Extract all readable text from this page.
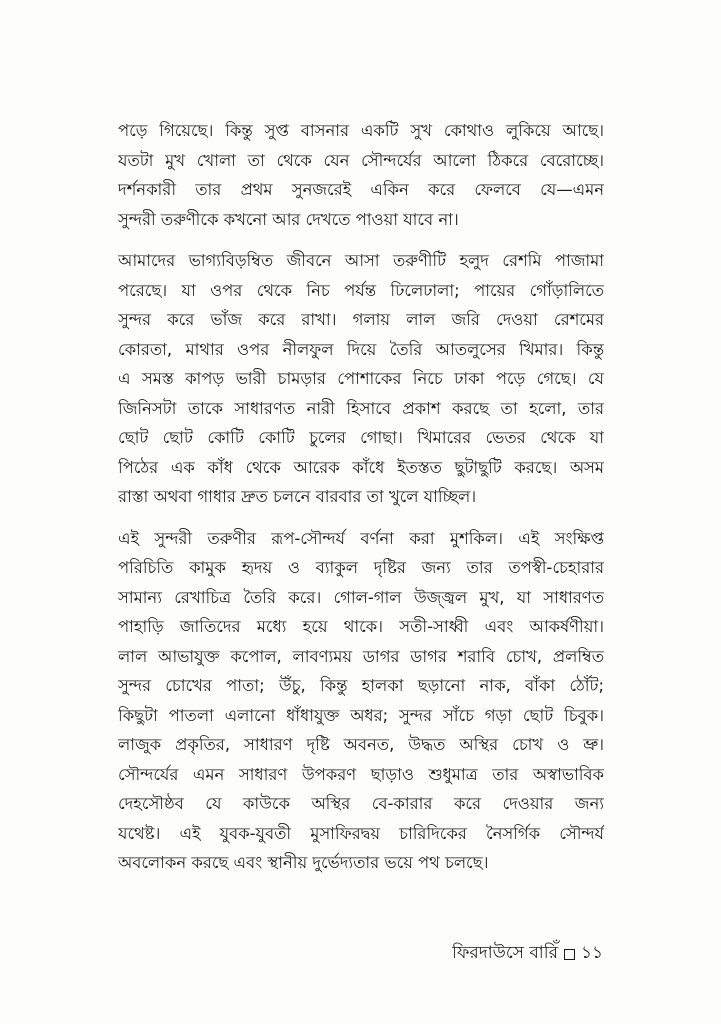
পড়ে গিয়েছে। কিন্তু সুপ্ত বাসনার একটি সুখ কোথাও লুকিয়ে আছে।
যতটা মুখ খোলা তা থেকে যেন সৌন্দর্যের আলো ঠিকরে বেরোচ্ছে।
দর্শনকারী তার প্রথম সুনজরেই একিন করে ফেলবে যে—এমন
সুন্দরী তরুণীকে কখনো আর দেখতে পাওয়া যাবে না।
আমাদের ভাগ্যবিড়ম্বিত জীবনে আসা তরুণীটি হলুদ রেশমি পাজামা
পরেছে। যা ওপর থেকে নিচ পর্যন্ত ঢিলেঢালা; পায়ের গোঁড়ালিতে
সুন্দর করে ভাঁজ করে রাখা। গলায় লাল জরি দেওয়া রেশমের
কোরতা, মাথার ওপর নীলফুল দিয়ে তৈরি আতলুসের খিমার। কিন্তু
এ সমস্ত কাপড় ভারী চামড়ার পোশাকের নিচে ঢাকা পড়ে গেছে। যে
জিনিসটা তাকে সাধারণত নারী হিসাবে প্রকাশ করছে তা হলো, তার
ছোট ছোট কোটি কোটি চুলের গোছা। খিমারের ভেতর থেকে যা
পিঠের এক কাঁধ থেকে আরেক কাঁধে ইতস্তত ছুটাছুটি করছে। অসম
রাস্তা অথবা গাধার দ্রুত চলনে বারবার তা খুলে যাচ্ছিল।
এই সুন্দরী তরুণীর রূপ-সৌন্দর্য বর্ণনা করা মুশকিল। এই সংক্ষিপ্ত
পরিচিতি কামুক হৃদয় ও ব্যাকুল দৃষ্টির জন্য তার তপস্বী-চেহারার
সামান্য রেখাচিত্র তৈরি করে। গোল-গাল উজ্জ্বল মুখ, যা সাধারণত
পাহাড়ি জাতিদের মধ্যে হয়ে থাকে। সতী-সাধ্বী এবং আকর্ষণীয়া।
লাল আভাযুক্ত কপোল, লাবণ্যময় ডাগর ডাগর শরাবি চোখ, প্রলম্বিত
সুন্দর চোখের পাতা; উঁচু, কিন্তু হালকা ছড়ানো নাক, বাঁকা ঠোঁট;
কিছুটা পাতলা এলানো ধাঁধাযুক্ত অধর; সুন্দর সাঁচে গড়া ছোট চিবুক।
লাজুক প্রকৃতির, সাধারণ দৃষ্টি অবনত, উদ্ধত অস্থির চোখ ও ভ্রু।
সৌন্দর্যের এমন সাধারণ উপকরণ ছাড়াও শুধুমাত্র তার অস্বাভাবিক
দেহসৌষ্ঠব যে কাউকে অস্থির বে-কারার করে দেওয়ার জন্য
যথেষ্ট। এই যুবক-যুবতী মুসাফিরদ্বয় চারিদিকের নৈসর্গিক সৌন্দর্য
অবলোকন করছে এবং স্থানীয় দুর্ভেদ্যতার ভয়ে পথ চলছে।
ফিরদাউসে বারিঁ ১১
